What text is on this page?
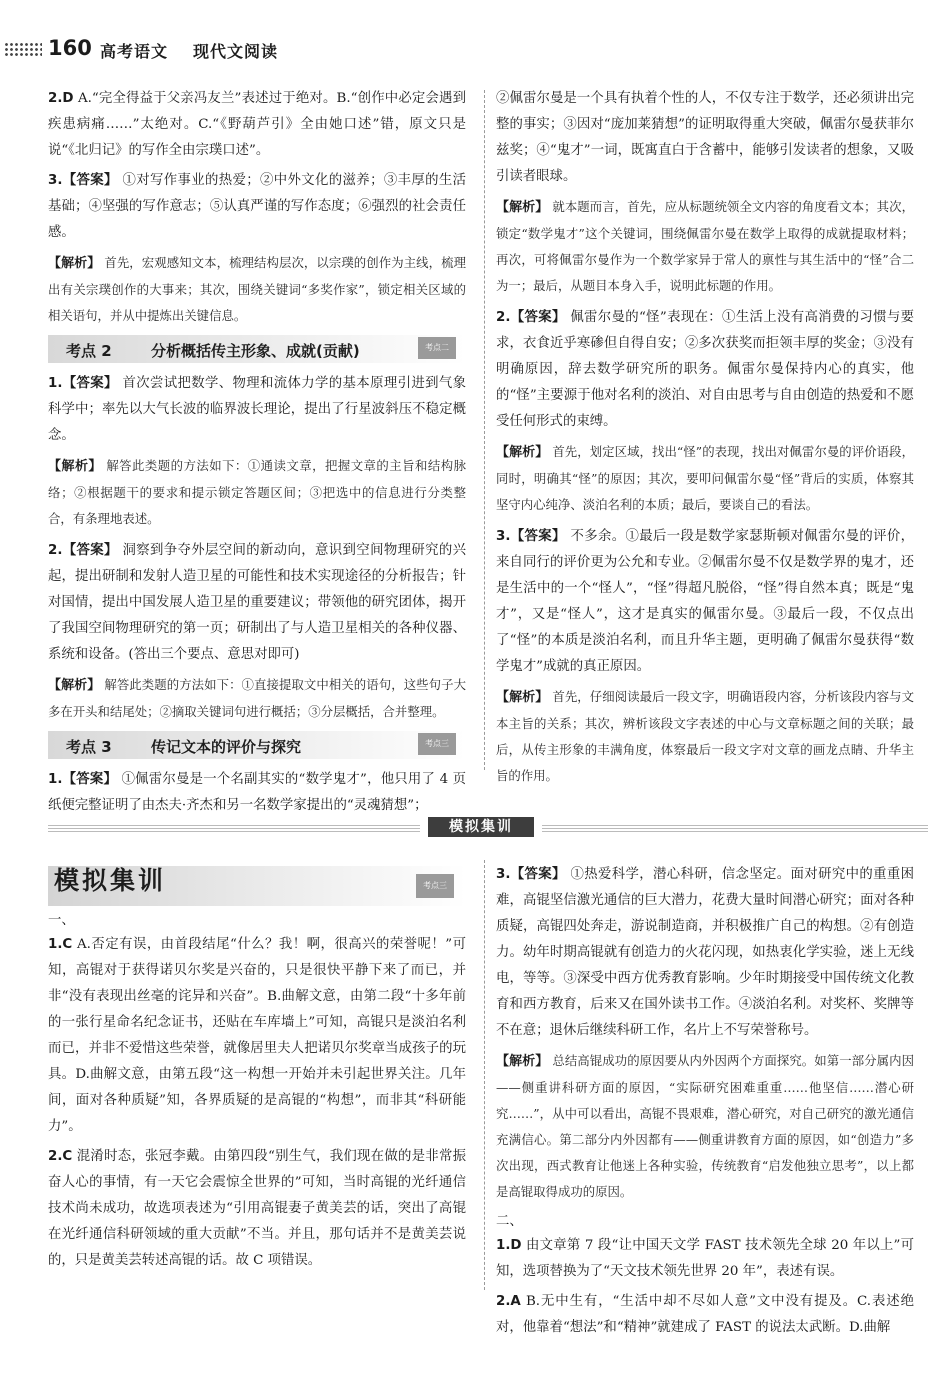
160 高考语文 现代文阅读

2.D A.“完全得益于父亲冯友兰”表述过于绝对。B.“创作中必定会遇到疾患病痛……”太绝对。C.“《野葫芦引》全由她口述”错，原文只是说“《北归记》的写作全由宗璞口述”。

3.【答案】 ①对写作事业的热爱；②中外文化的滋养；③丰厚的生活基础；④坚强的写作意志；⑤认真严谨的写作态度；⑥强烈的社会责任感。

【解析】 首先，宏观感知文本，梳理结构层次，以宗璞的创作为主线，梳理出有关宗璞创作的大事来；其次，围绕关键词“多奖作家”，锁定相关区域的相关语句，并从中提炼出关键信息。

考点 2	分析概括传主形象、成就(贡献)	考点二

1.【答案】 首次尝试把数学、物理和流体力学的基本原理引进到气象科学中；率先以大气长波的临界波长理论，提出了行星波斜压不稳定概念。

【解析】 解答此类题的方法如下：①通读文章，把握文章的主旨和结构脉络；②根据题干的要求和提示锁定答题区间；③把选中的信息进行分类整合，有条理地表述。

2.【答案】 洞察到争夺外层空间的新动向，意识到空间物理研究的兴起，提出研制和发射人造卫星的可能性和技术实现途径的分析报告；针对国情，提出中国发展人造卫星的重要建议；带领他的研究团体，揭开了我国空间物理研究的第一页；研制出了与人造卫星相关的各种仪器、系统和设备。(答出三个要点、意思对即可)

【解析】 解答此类题的方法如下：①直接提取文中相关的语句，这些句子大多在开头和结尾处；②摘取关键词句进行概括；③分层概括，合并整理。

考点 3	传记文本的评价与探究	考点三

1.【答案】 ①佩雷尔曼是一个名副其实的“数学鬼才”，他只用了 4 页纸便完整证明了由杰夫·齐杰和另一名数学家提出的“灵魂猜想”；

②佩雷尔曼是一个具有执着个性的人，不仅专注于数学，还必须讲出完整的事实；③因对“庞加莱猜想”的证明取得重大突破，佩雷尔曼获菲尔兹奖；④“鬼才”一词，既寓直白于含蓄中，能够引发读者的想象，又吸引读者眼球。

【解析】 就本题而言，首先，应从标题统领全文内容的角度看文本；其次，锁定“数学鬼才”这个关键词，围绕佩雷尔曼在数学上取得的成就提取材料；再次，可将佩雷尔曼作为一个数学家异于常人的禀性与其生活中的“怪”合二为一；最后，从题目本身入手，说明此标题的作用。

2.【答案】 佩雷尔曼的“怪”表现在：①生活上没有高消费的习惯与要求，衣食近乎寒碜但自得自安；②多次获奖而拒领丰厚的奖金；③没有明确原因，辞去数学研究所的职务。佩雷尔曼保持内心的真实，他的“怪”主要源于他对名利的淡泊、对自由思考与自由创造的热爱和不愿受任何形式的束缚。

【解析】 首先，划定区域，找出“怪”的表现，找出对佩雷尔曼的评价语段，同时，明确其“怪”的原因；其次，要叩问佩雷尔曼“怪”背后的实质，体察其坚守内心纯净、淡泊名利的本质；最后，要谈自己的看法。

3.【答案】 不多余。①最后一段是数学家瑟斯顿对佩雷尔曼的评价，来自同行的评价更为公允和专业。②佩雷尔曼不仅是数学界的鬼才，还是生活中的一个“怪人”，“怪”得超凡脱俗，“怪”得自然本真；既是“鬼才”，又是“怪人”，这才是真实的佩雷尔曼。③最后一段，不仅点出了“怪”的本质是淡泊名利，而且升华主题，更明确了佩雷尔曼获得“数学鬼才”成就的真正原因。

【解析】 首先，仔细阅读最后一段文字，明确语段内容，分析该段内容与文本主旨的关系；其次，辨析该段文字表述的中心与文章标题之间的关联；最后，从传主形象的丰满角度，体察最后一段文字对文章的画龙点睛、升华主旨的作用。

模拟集训
模拟集训	考点三

一、

1.C A.否定有误，由首段结尾“什么？我！啊，很高兴的荣誉呢！”可知，高锟对于获得诺贝尔奖是兴奋的，只是很快平静下来了而已，并非“没有表现出丝毫的诧异和兴奋”。B.曲解文意，由第二段“十多年前的一张行星命名纪念证书，还贴在车库墙上”可知，高锟只是淡泊名利而已，并非不爱惜这些荣誉，就像居里夫人把诺贝尔奖章当成孩子的玩具。D.曲解文意，由第五段“这一构想一开始并未引起世界关注。几年间，面对各种质疑”知，各界质疑的是高锟的“构想”，而非其“科研能力”。

2.C 混淆时态，张冠李戴。由第四段“别生气，我们现在做的是非常振奋人心的事情，有一天它会震惊全世界的”可知，当时高锟的光纤通信技术尚未成功，故选项表述为“引用高锟妻子黄美芸的话，突出了高锟在光纤通信科研领域的重大贡献”不当。并且，那句话并不是黄美芸说的，只是黄美芸转述高锟的话。故 C 项错误。

3.【答案】 ①热爱科学，潜心科研，信念坚定。面对研究中的重重困难，高锟坚信激光通信的巨大潜力，花费大量时间潜心研究；面对各种质疑，高锟四处奔走，游说制造商，并积极推广自己的构想。②有创造力。幼年时期高锟就有创造力的火花闪现，如热衷化学实验，迷上无线电，等等。③深受中西方优秀教育影响。少年时期接受中国传统文化教育和西方教育，后来又在国外读书工作。④淡泊名利。对奖杯、奖牌等不在意；退休后继续科研工作，名片上不写荣誉称号。

【解析】 总结高锟成功的原因要从内外因两个方面探究。如第一部分属内因——侧重讲科研方面的原因，“实际研究困难重重……他坚信……潜心研究……”，从中可以看出，高锟不畏艰难，潜心研究，对自己研究的激光通信充满信心。第二部分内外因都有——侧重讲教育方面的原因，如“创造力”多次出现，西式教育让他迷上各种实验，传统教育“启发他独立思考”，以上都是高锟取得成功的原因。

二、

1.D 由文章第 7 段“让中国天文学 FAST 技术领先全球 20 年以上”可知，选项替换为了“天文技术领先世界 20 年”，表述有误。

2.A B.无中生有，“生活中却不尽如人意”文中没有提及。C.表述绝对，他靠着“想法”和“精神”就建成了 FAST 的说法太武断。D.曲解
